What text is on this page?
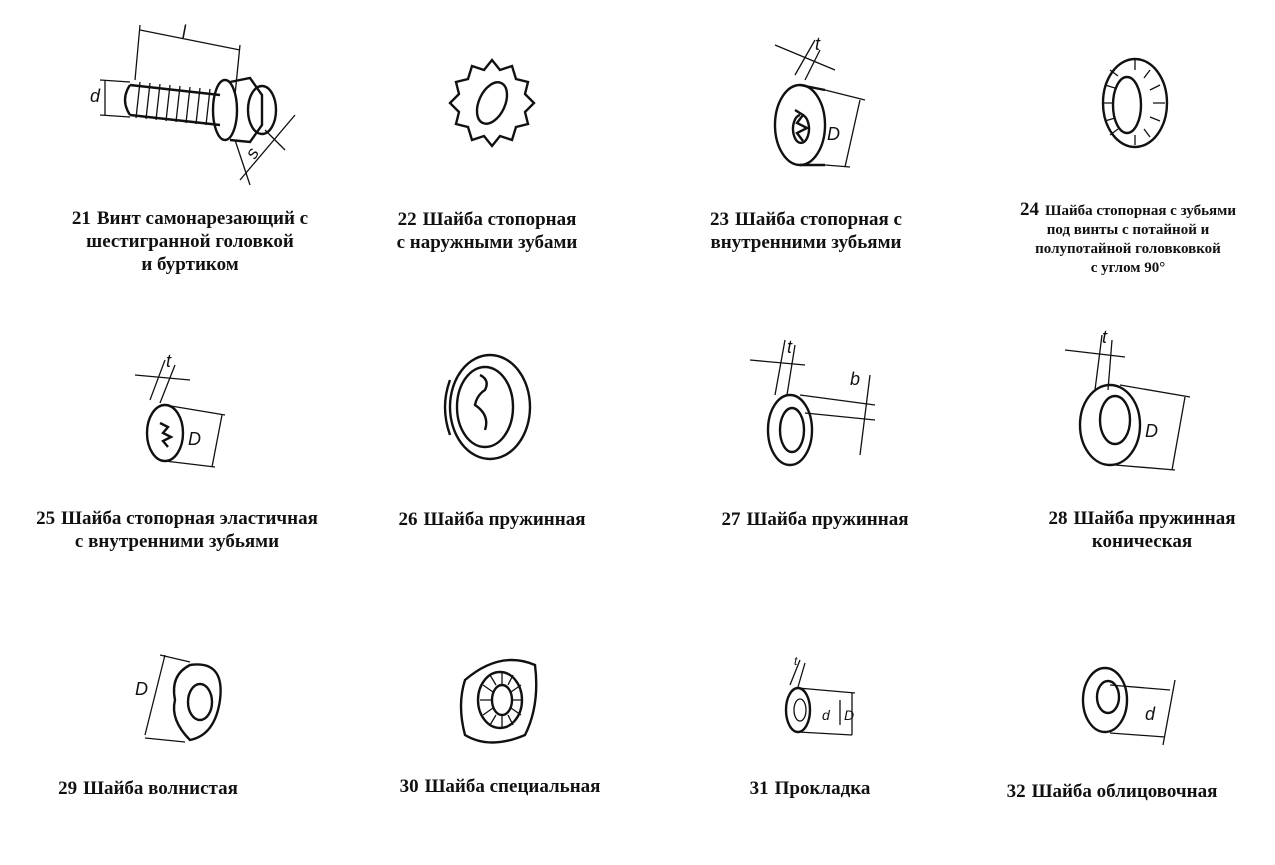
l
d
s
t
D
21 Винт самонарезающий с
шестигранной головкой
и буртиком
22 Шайба стопорная
с наружными зубами
23 Шайба стопорная с
внутренними зубьями
24 Шайба стопорная с зубьями
под винты с потайной и
полупотайной головковкой
с углом 90°
t
D
t
b
t
D
25 Шайба стопорная эластичная
с внутренними зубьями
26 Шайба пружинная	27 Шайба пружинная	28 Шайба пружинная
коническая
D
t
d D	d
29 Шайба волнистая	30 Шайба специальная	31 Прокладка	32 Шайба облицовочная
